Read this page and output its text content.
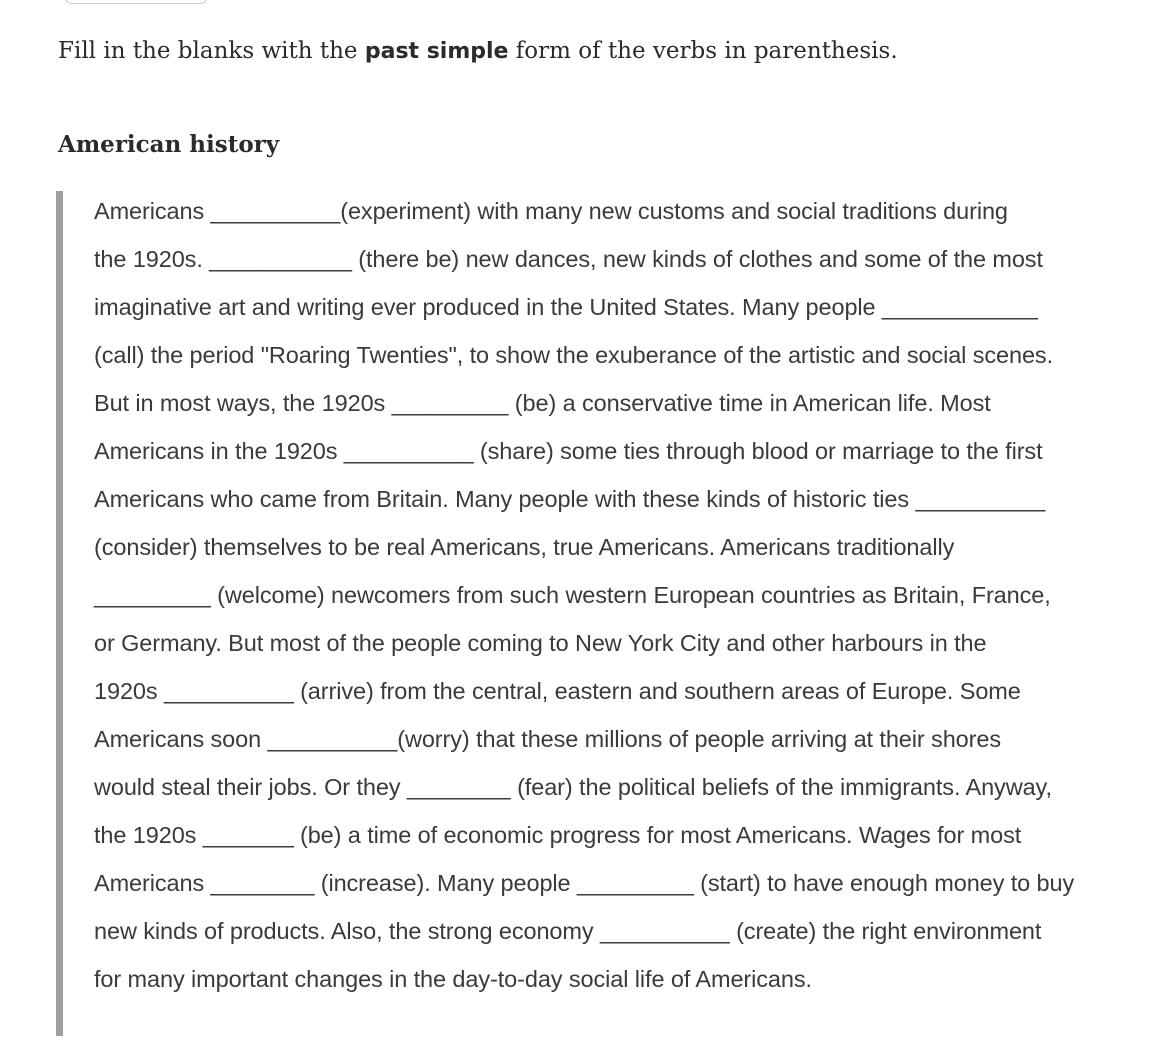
Fill in the blanks with the past simple form of the verbs in parenthesis.

American history
Americans __________(experiment) with many new customs and social traditions during
the 1920s. ___________ (there be) new dances, new kinds of clothes and some of the most
imaginative art and writing ever produced in the United States. Many people ____________
(call) the period "Roaring Twenties", to show the exuberance of the artistic and social scenes.
But in most ways, the 1920s _________ (be) a conservative time in American life. Most
Americans in the 1920s __________ (share) some ties through blood or marriage to the first
Americans who came from Britain. Many people with these kinds of historic ties __________
(consider) themselves to be real Americans, true Americans. Americans traditionally
_________ (welcome) newcomers from such western European countries as Britain, France,
or Germany. But most of the people coming to New York City and other harbours in the
1920s __________ (arrive) from the central, eastern and southern areas of Europe. Some
Americans soon __________(worry) that these millions of people arriving at their shores
would steal their jobs. Or they ________ (fear) the political beliefs of the immigrants. Anyway,
the 1920s _______ (be) a time of economic progress for most Americans. Wages for most
Americans ________ (increase). Many people _________ (start) to have enough money to buy
new kinds of products. Also, the strong economy __________ (create) the right environment
for many important changes in the day-to-day social life of Americans.
